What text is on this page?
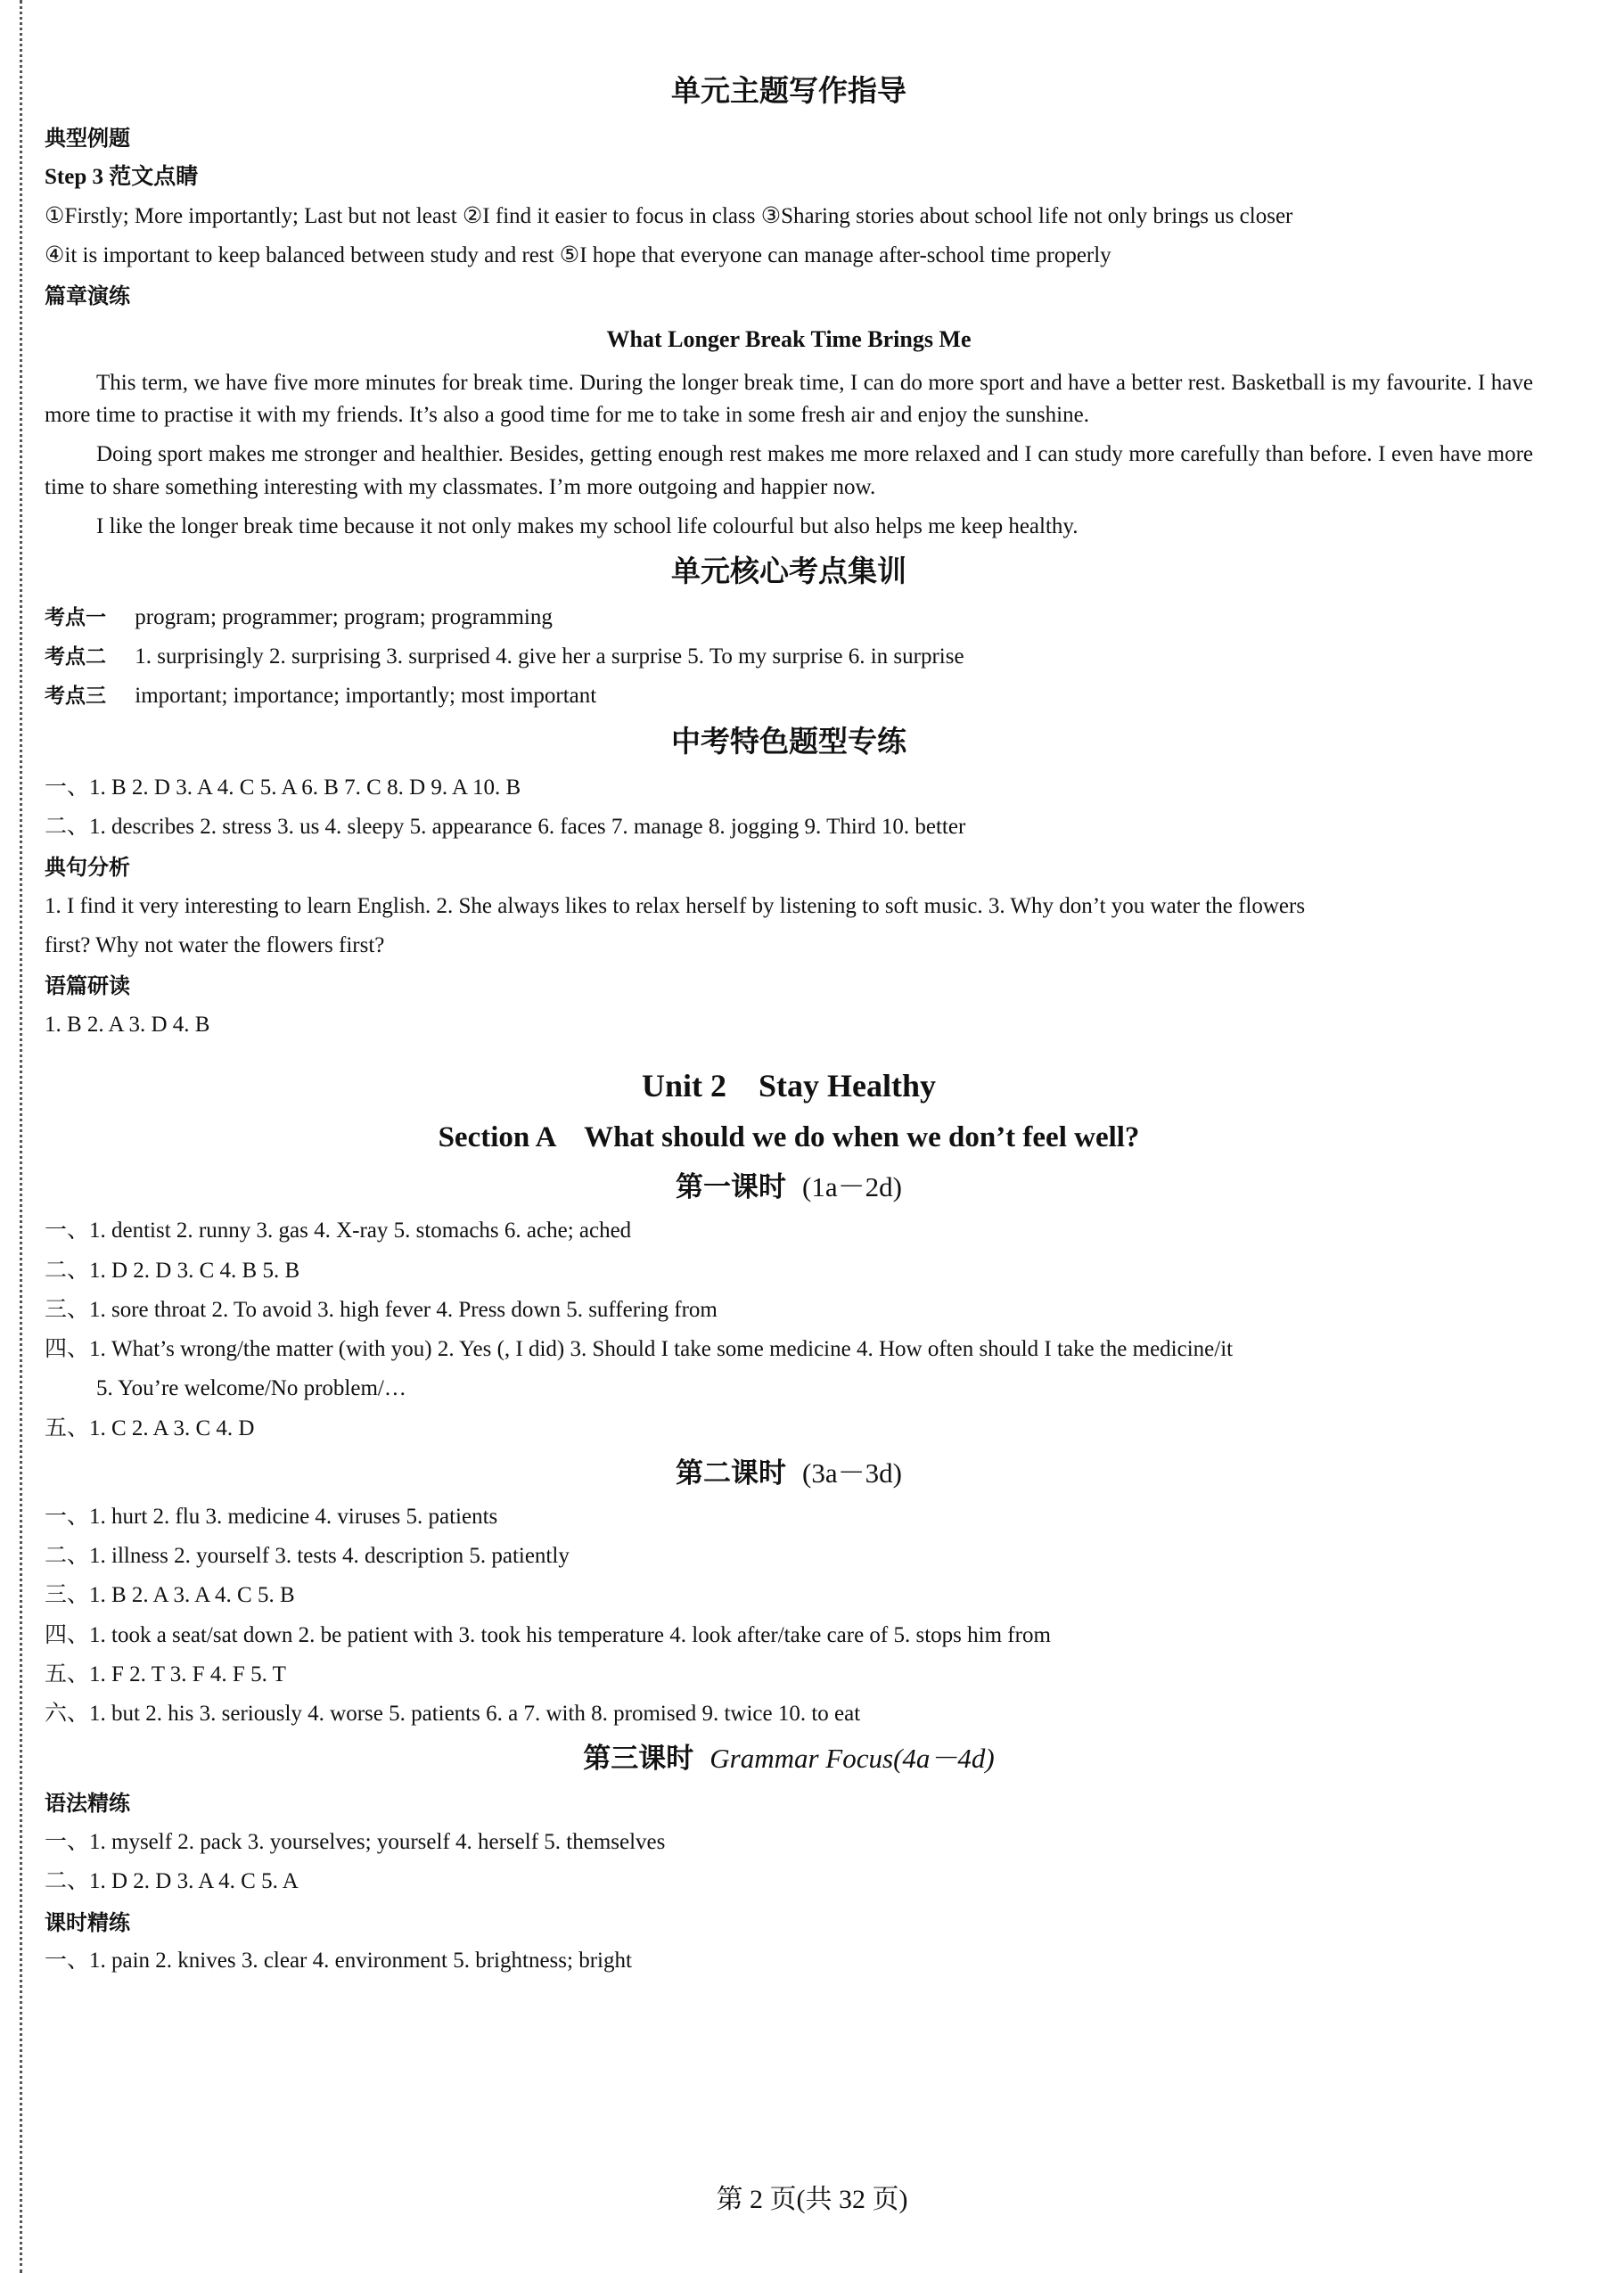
单元主题写作指导
典型例题
Step 3 范文点睛
①Firstly; More importantly; Last but not least ②I find it easier to focus in class ③Sharing stories about school life not only brings us closer
④it is important to keep balanced between study and rest ⑤I hope that everyone can manage after-school time properly
篇章演练
What Longer Break Time Brings Me
This term, we have five more minutes for break time. During the longer break time, I can do more sport and have a better rest. Basketball is my favourite. I have more time to practise it with my friends. It’s also a good time for me to take in some fresh air and enjoy the sunshine.
Doing sport makes me stronger and healthier. Besides, getting enough rest makes me more relaxed and I can study more carefully than before. I even have more time to share something interesting with my classmates. I’m more outgoing and happier now.
I like the longer break time because it not only makes my school life colourful but also helps me keep healthy.
单元核心考点集训
考点一 program; programmer; program; programming
考点二 1. surprisingly 2. surprising 3. surprised 4. give her a surprise 5. To my surprise 6. in surprise
考点三 important; importance; importantly; most important
中考特色题型专练
一、1. B 2. D 3. A 4. C 5. A 6. B 7. C 8. D 9. A 10. B
二、1. describes 2. stress 3. us 4. sleepy 5. appearance 6. faces 7. manage 8. jogging 9. Third 10. better
典句分析
1. I find it very interesting to learn English. 2. She always likes to relax herself by listening to soft music. 3. Why don’t you water the flowers
first? Why not water the flowers first?
语篇研读
1. B 2. A 3. D 4. B
Unit 2    Stay Healthy
Section A    What should we do when we don’t feel well?
第一课时 (1a－2d)
一、1. dentist 2. runny 3. gas 4. X-ray 5. stomachs 6. ache; ached
二、1. D 2. D 3. C 4. B 5. B
三、1. sore throat 2. To avoid 3. high fever 4. Press down 5. suffering from
四、1. What’s wrong/the matter (with you) 2. Yes (, I did) 3. Should I take some medicine 4. How often should I take the medicine/it
5. You’re welcome/No problem/…
五、1. C 2. A 3. C 4. D
第二课时 (3a－3d)
一、1. hurt 2. flu 3. medicine 4. viruses 5. patients
二、1. illness 2. yourself 3. tests 4. description 5. patiently
三、1. B 2. A 3. A 4. C 5. B
四、1. took a seat/sat down 2. be patient with 3. took his temperature 4. look after/take care of 5. stops him from
五、1. F 2. T 3. F 4. F 5. T
六、1. but 2. his 3. seriously 4. worse 5. patients 6. a 7. with 8. promised 9. twice 10. to eat
第三课时 Grammar Focus(4a－4d)
语法精练
一、1. myself 2. pack 3. yourselves; yourself 4. herself 5. themselves
二、1. D 2. D 3. A 4. C 5. A
课时精练
一、1. pain 2. knives 3. clear 4. environment 5. brightness; bright
第 2 页(共 32 页)
